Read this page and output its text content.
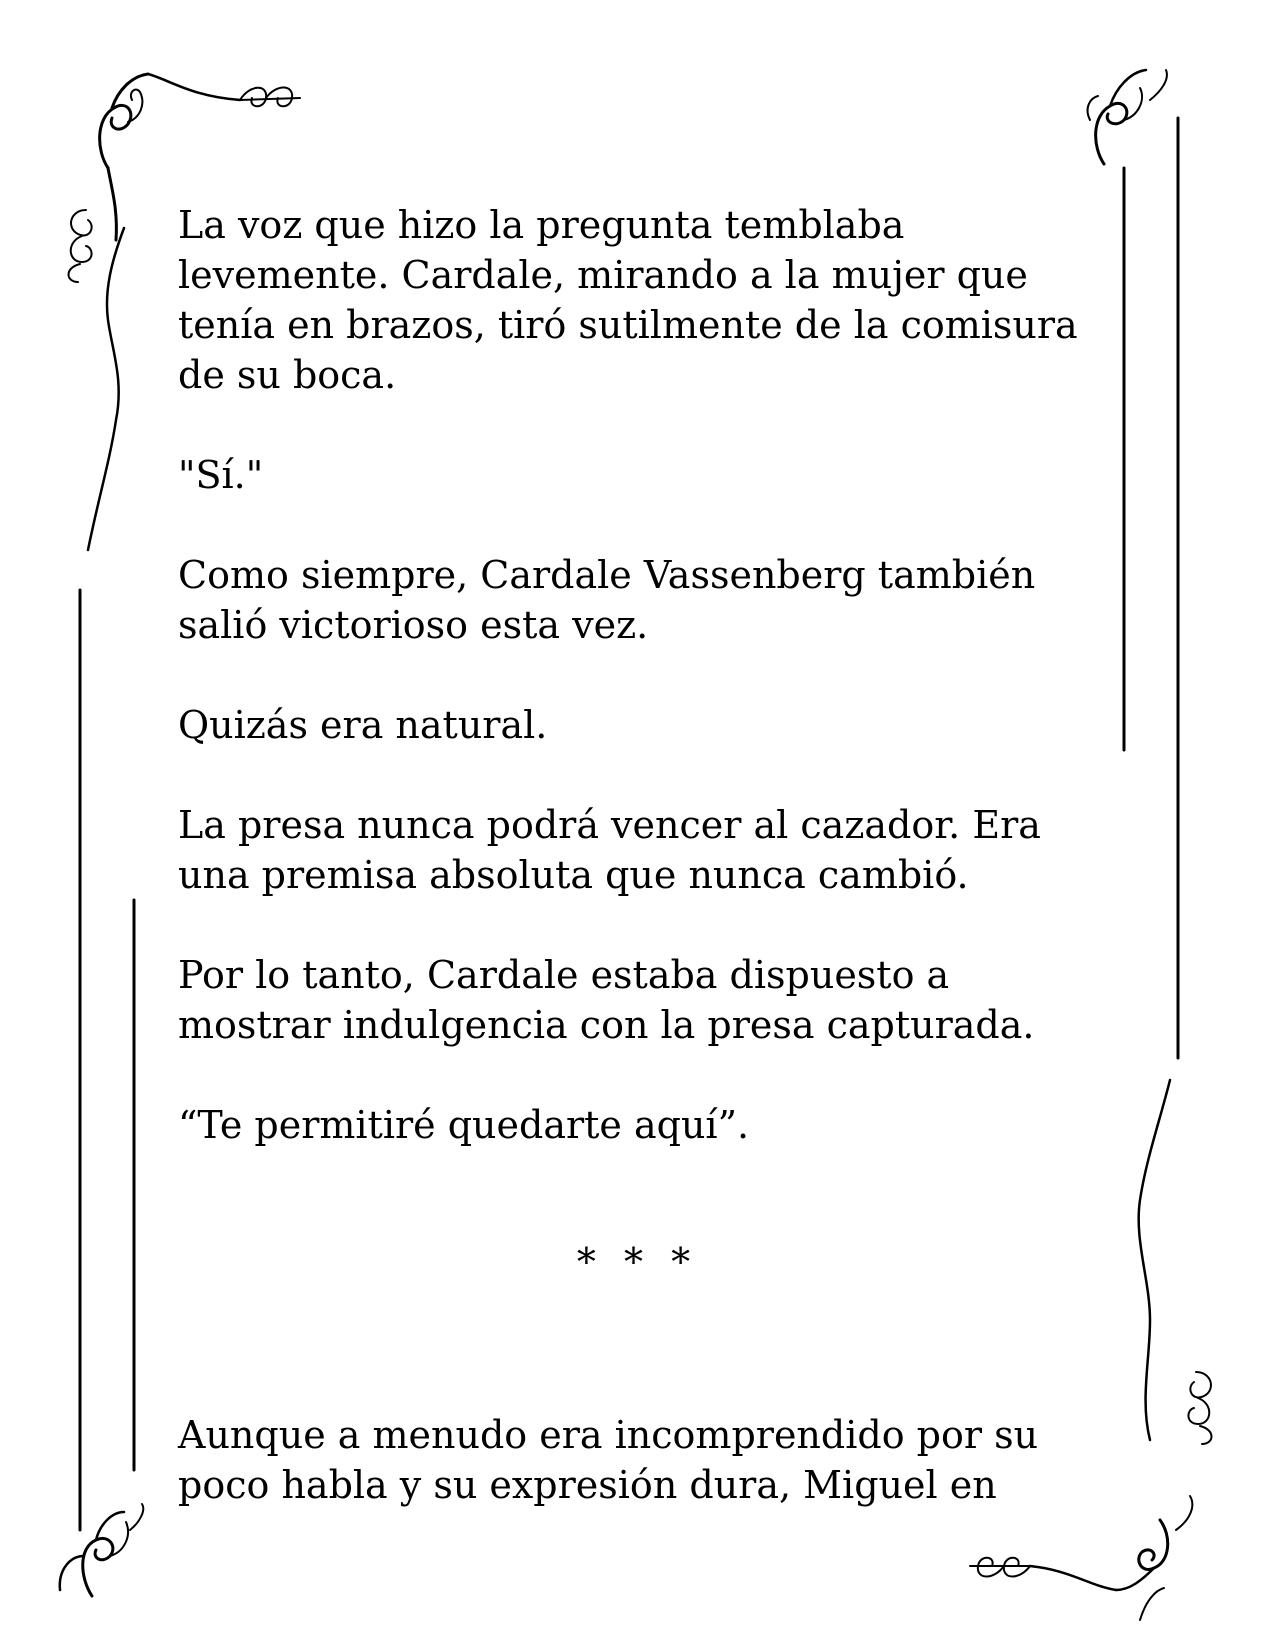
La voz que hizo la pregunta temblaba levemente. Cardale, mirando a la mujer que tenía en brazos, tiró sutilmente de la comisura de su boca.

"Sí."

Como siempre, Cardale Vassenberg también salió victorioso esta vez.

Quizás era natural.

La presa nunca podrá vencer al cazador. Era una premisa absoluta que nunca cambió.

Por lo tanto, Cardale estaba dispuesto a mostrar indulgencia con la presa capturada.

“Te permitiré quedarte aquí”.

* * *

Aunque a menudo era incomprendido por su poco habla y su expresión dura, Miguel en
